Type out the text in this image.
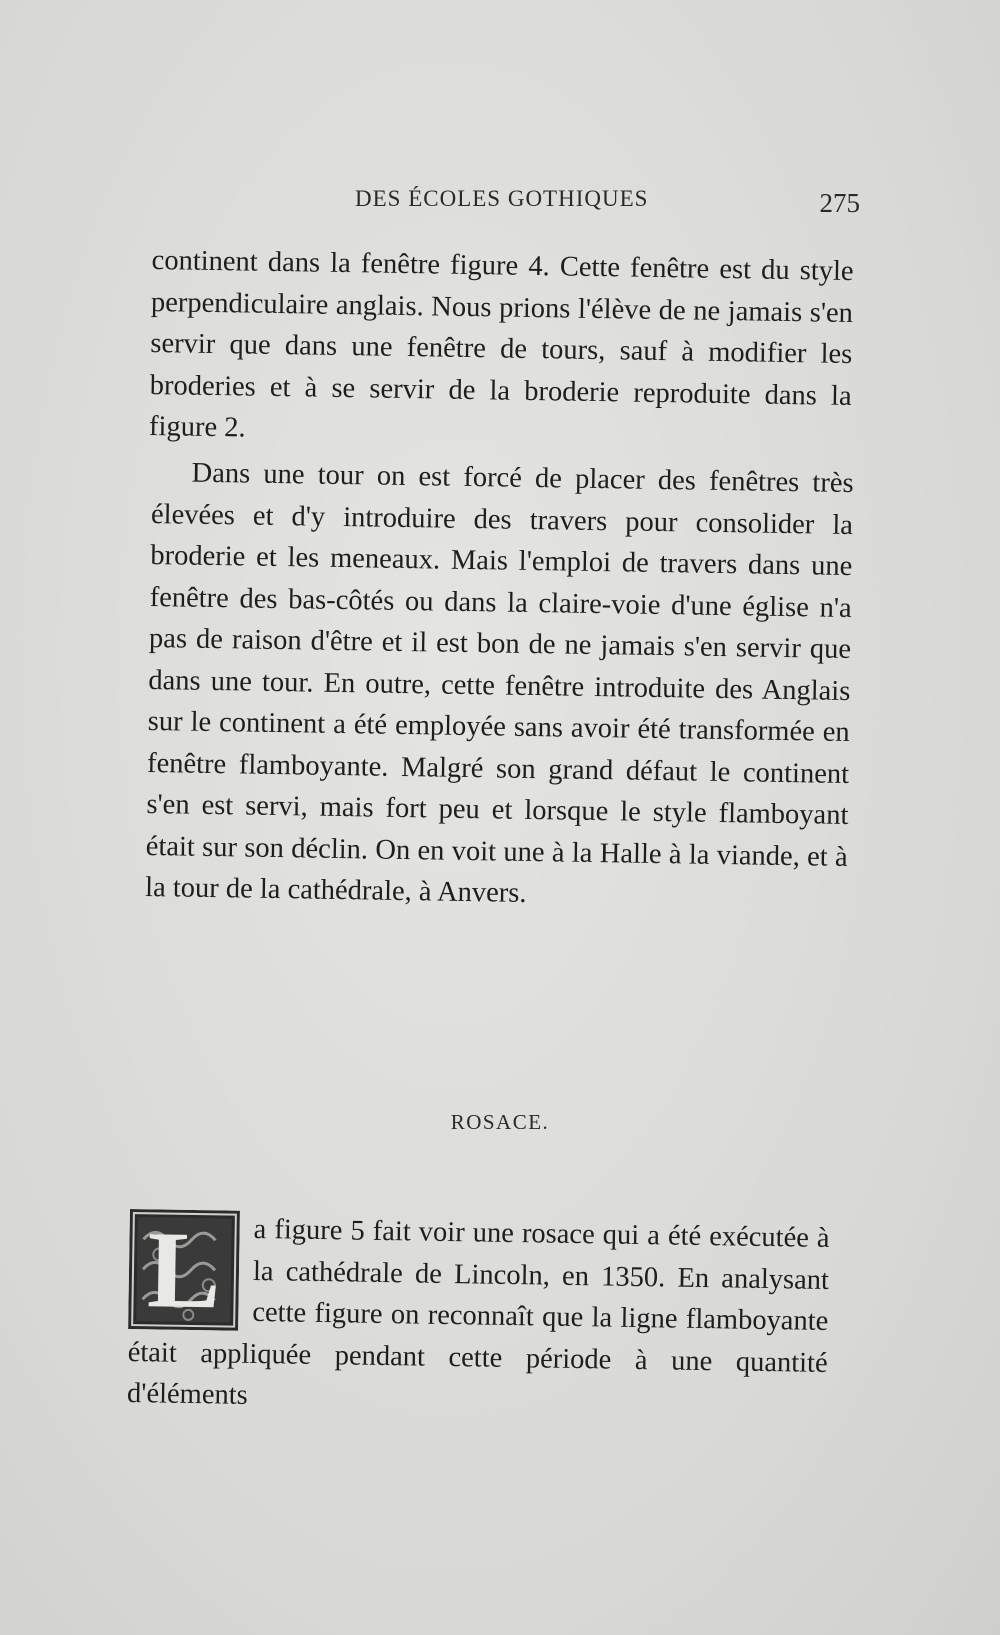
DES ÉCOLES GOTHIQUES	275

continent dans la fenêtre figure 4. Cette fenêtre est du style perpendiculaire anglais. Nous prions l'élève de ne jamais s'en servir que dans une fenêtre de tours, sauf à modifier les broderies et à se servir de la broderie reproduite dans la figure 2.

Dans une tour on est forcé de placer des fenêtres très élevées et d'y introduire des travers pour consolider la broderie et les meneaux. Mais l'emploi de travers dans une fenêtre des bas-côtés ou dans la claire-voie d'une église n'a pas de raison d'être et il est bon de ne jamais s'en servir que dans une tour. En outre, cette fenêtre introduite des Anglais sur le continent a été employée sans avoir été transformée en fenêtre flamboyante. Malgré son grand défaut le continent s'en est servi, mais fort peu et lorsque le style flamboyant était sur son déclin. On en voit une à la Halle à la viande, et à la tour de la cathédrale, à Anvers.

ROSACE.
L	a figure 5 fait voir une rosace qui a été exécutée à la cathédrale de Lincoln, en 1350. En analysant cette figure on reconnaît que la ligne flamboyante était appliquée pendant cette période à une quantité d'éléments
